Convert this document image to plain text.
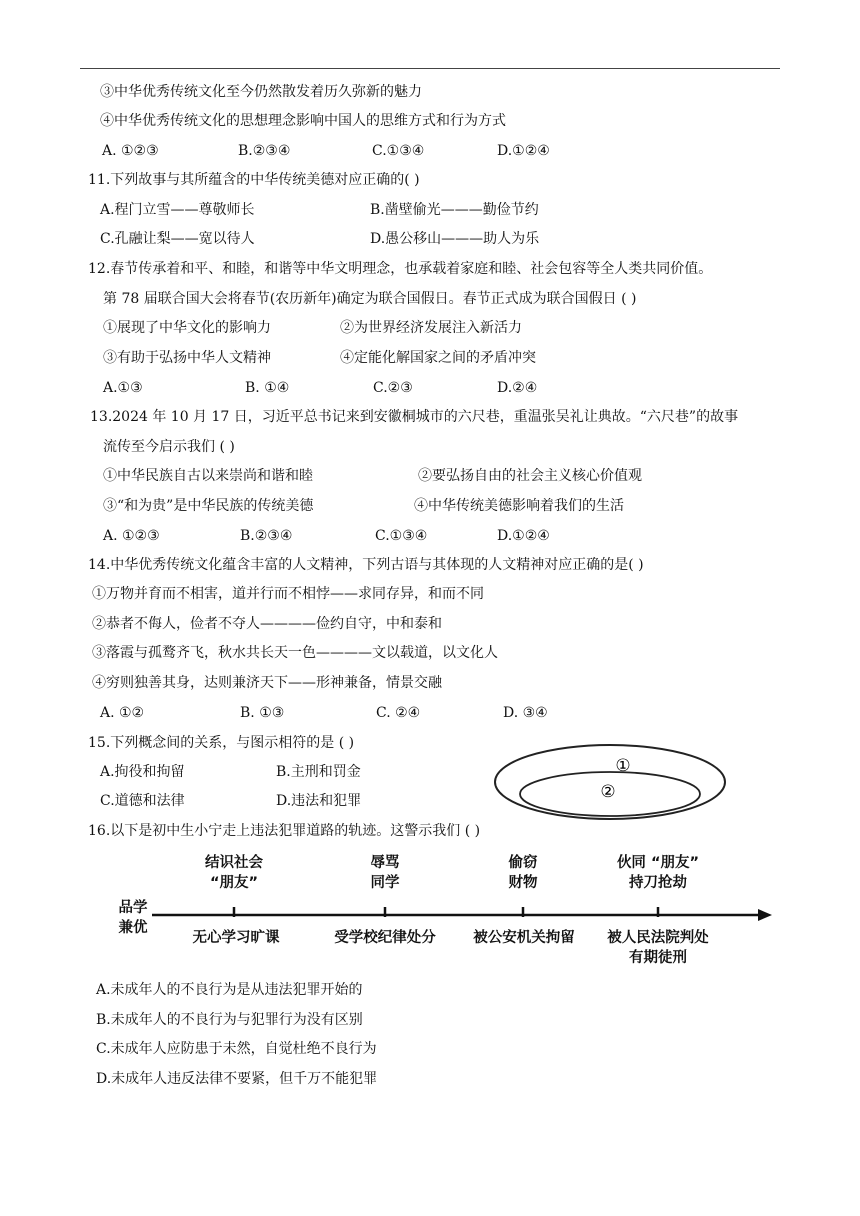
③中华优秀传统文化至今仍然散发着历久弥新的魅力
④中华优秀传统文化的思想理念影响中国人的思维方式和行为方式
A. ①②③	B.②③④	C.①③④	D.①②④
11.下列故事与其所蕴含的中华传统美德对应正确的( )
A.程门立雪——尊敬师长	B.凿壁偷光———勤俭节约
C.孔融让梨——宽以待人	D.愚公移山———助人为乐
12.春节传承着和平、和睦，和谐等中华文明理念，也承载着家庭和睦、社会包容等全人类共同价值。
第 78 届联合国大会将春节(农历新年)确定为联合国假日。春节正式成为联合国假日 ( )
①展现了中华文化的影响力	②为世界经济发展注入新活力
③有助于弘扬中华人文精神	④定能化解国家之间的矛盾冲突
A.①③	B. ①④	C.②③	D.②④
13.2024 年 10 月 17 日，习近平总书记来到安徽桐城市的六尺巷，重温张吴礼让典故。“六尺巷”的故事
流传至今启示我们 ( )
①中华民族自古以来崇尚和谐和睦	②要弘扬自由的社会主义核心价值观
③“和为贵”是中华民族的传统美德	④中华传统美德影响着我们的生活
A. ①②③	B.②③④	C.①③④	D.①②④
14.中华优秀传统文化蕴含丰富的人文精神，下列古语与其体现的人文精神对应正确的是( )
①万物并育而不相害，道并行而不相悖——求同存异，和而不同
②恭者不侮人，俭者不夺人————俭约自守，中和泰和
③落霞与孤鹜齐飞，秋水共长天一色————文以载道，以文化人
④穷则独善其身，达则兼济天下——形神兼备，情景交融
A. ①②	B. ①③	C. ②④	D. ③④
15.下列概念间的关系，与图示相符的是 ( )
A.拘役和拘留	B.主刑和罚金
C.道德和法律	D.违法和犯罪
①
②
16.以下是初中生小宁走上违法犯罪道路的轨迹。这警示我们 ( )
品学
兼优
结识社会
“朋友”
辱骂
同学
偷窃
财物
伙同 “朋友”
持刀抢劫
无心学习旷课	受学校纪律处分	被公安机关拘留	被人民法院判处
有期徒刑
A.未成年人的不良行为是从违法犯罪开始的
B.未成年人的不良行为与犯罪行为没有区别
C.未成年人应防患于未然，自觉杜绝不良行为
D.未成年人违反法律不要紧，但千万不能犯罪
